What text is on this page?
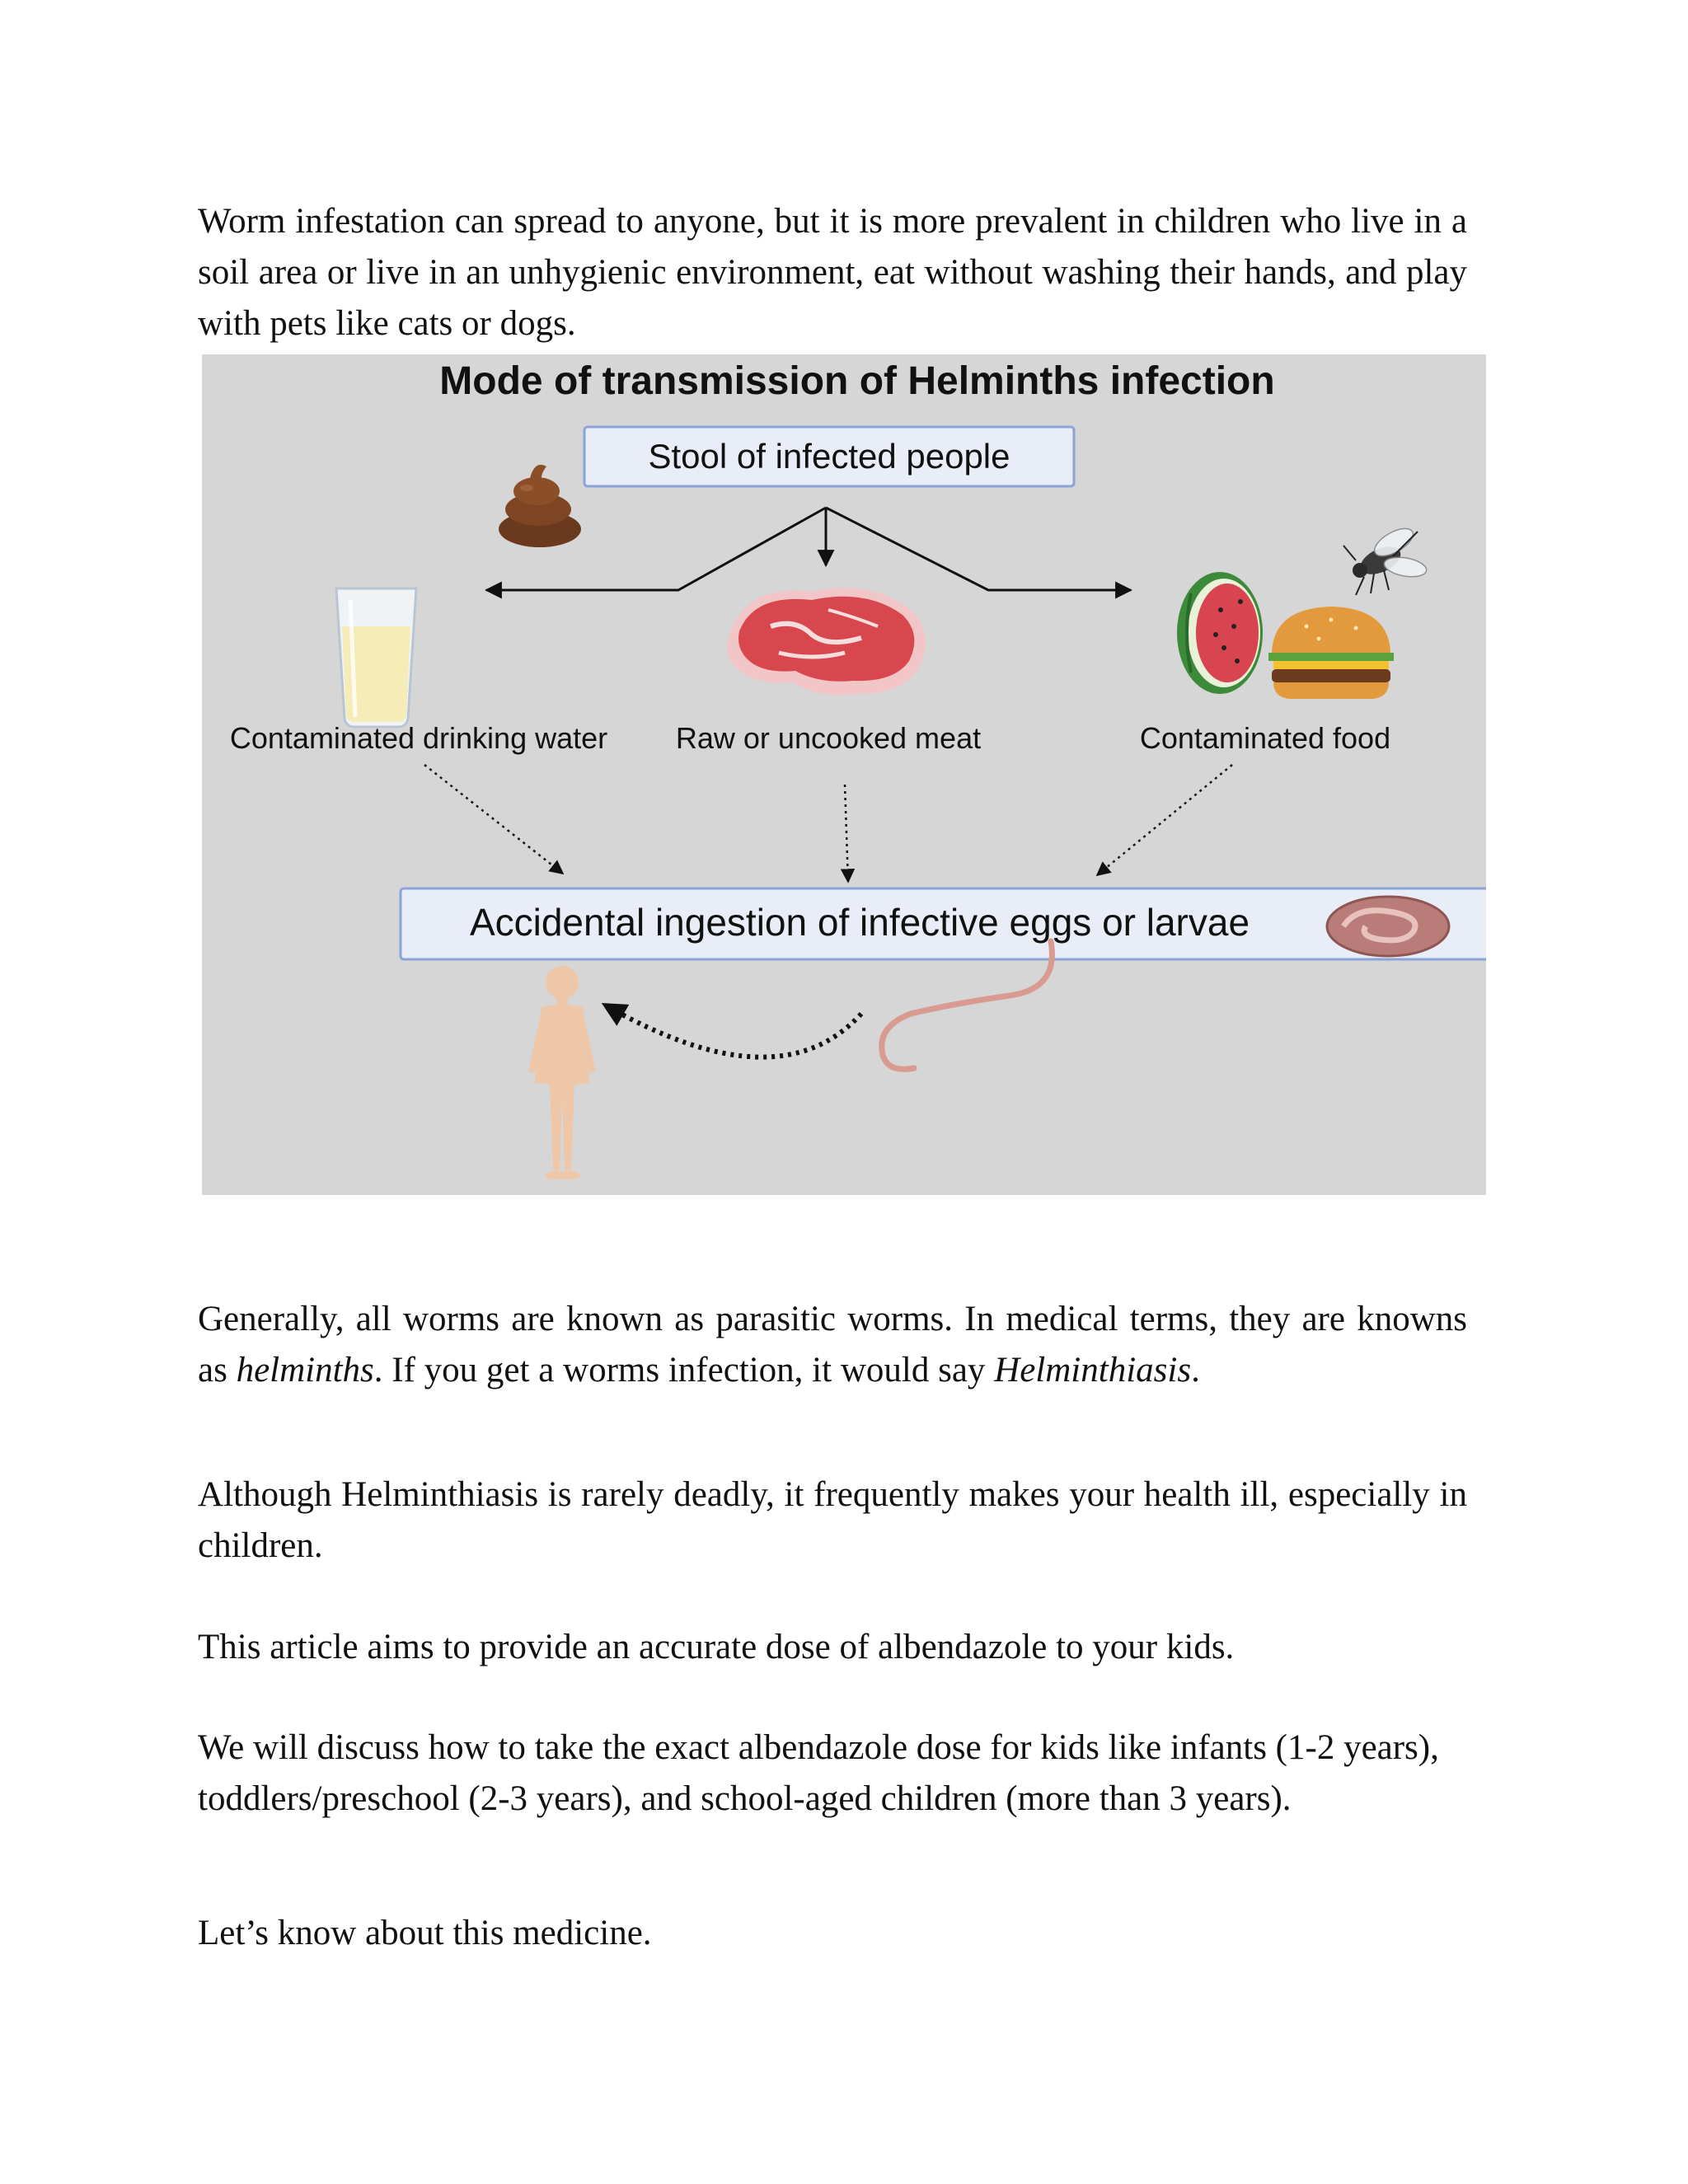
Worm infestation can spread to anyone, but it is more prevalent in children who live in a soil area or live in an unhygienic environment, eat without washing their hands, and play with pets like cats or dogs.

Mode of transmission of Helminths infection
Stool of infected people
Contaminated drinking water Raw or uncooked meat	Contaminated food
Accidental ingestion of infective eggs or larvae

Generally, all worms are known as parasitic worms. In medical terms, they are knowns as helminths. If you get a worms infection, it would say Helminthiasis.

Although Helminthiasis is rarely deadly, it frequently makes your health ill, especially in children.

This article aims to provide an accurate dose of albendazole to your kids.

We will discuss how to take the exact albendazole dose for kids like infants (1-2 years), toddlers/preschool (2-3 years), and school-aged children (more than 3 years).

Let’s know about this medicine.
